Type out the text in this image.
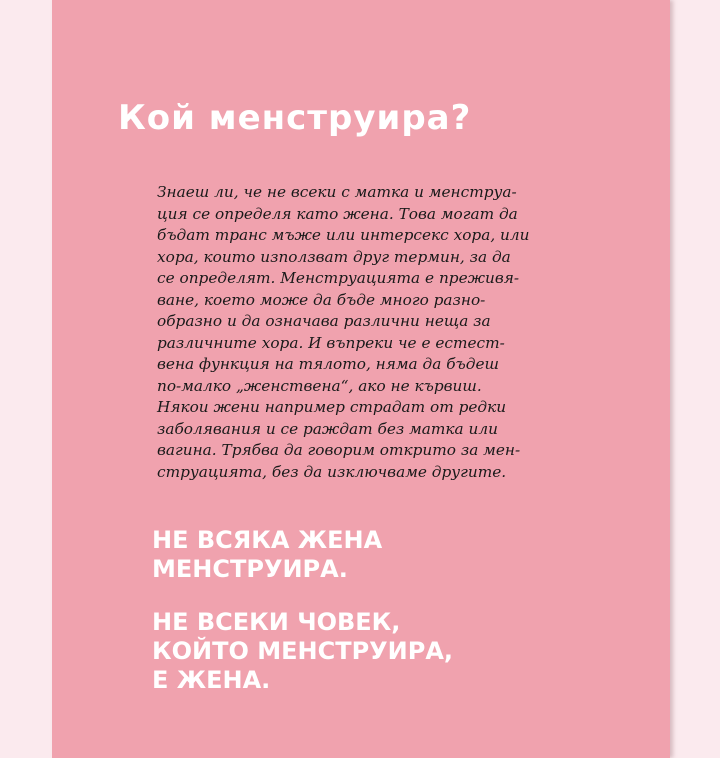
Кой менструира?
Знаеш ли, че не всеки с матка и менструа-
ция се определя като жена. Това могат да
бъдат транс мъже или интерсекс хора, или
хора, които използват друг термин, за да
се определят. Менструацията е преживя-
ване, което може да бъде много разно-
образно и да означава различни неща за
различните хора. И въпреки че е естест-
вена функция на тялото, няма да бъдеш
по-малко „женствена“, ако не кървиш.
Някои жени например страдат от редки
заболявания и се раждат без матка или
вагина. Трябва да говорим открито за мен-
струацията, без да изключваме другите.
НЕ ВСЯКА ЖЕНА
МЕНСТРУИРА.
НЕ ВСЕКИ ЧОВЕК,
КОЙТО МЕНСТРУИРА,
Е ЖЕНА.
